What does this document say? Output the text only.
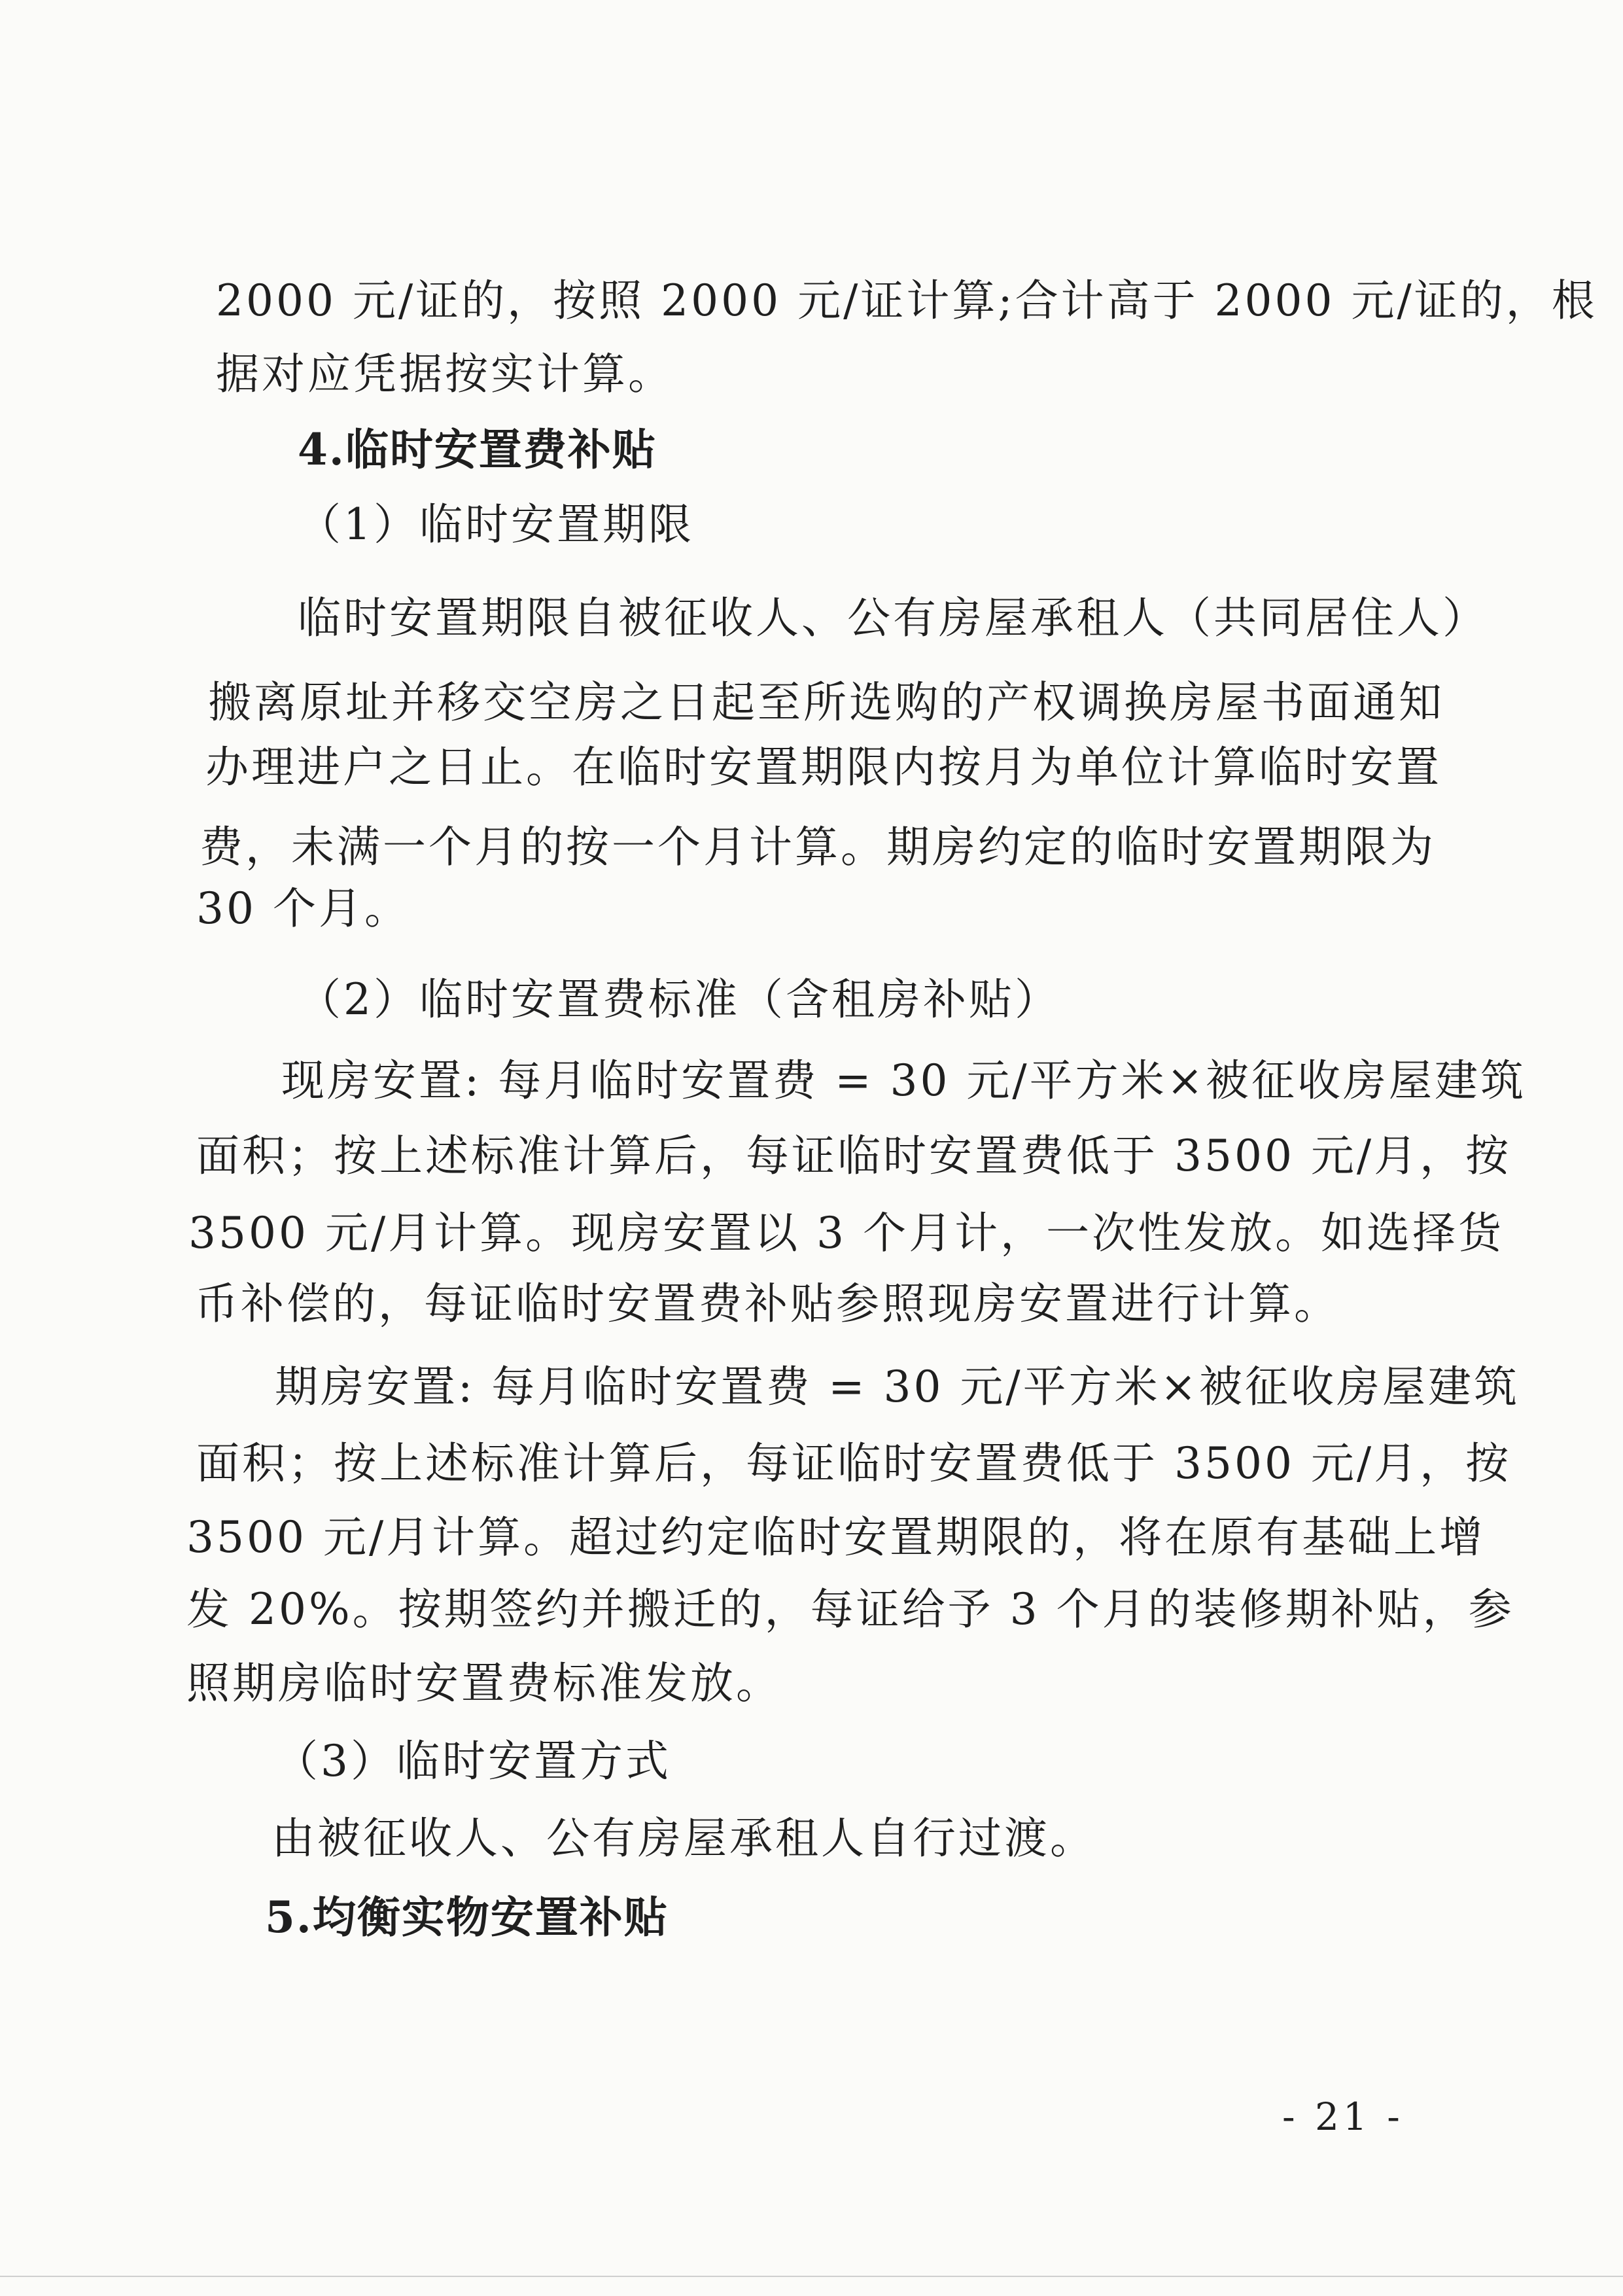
2000 元/证的，按照 2000 元/证计算;合计高于 2000 元/证的，根
据对应凭据按实计算。
4.临时安置费补贴
（1）临时安置期限
临时安置期限自被征收人、公有房屋承租人（共同居住人）
搬离原址并移交空房之日起至所选购的产权调换房屋书面通知
办理进户之日止。在临时安置期限内按月为单位计算临时安置
费，未满一个月的按一个月计算。期房约定的临时安置期限为
30 个月。
（2）临时安置费标准（含租房补贴）
现房安置: 每月临时安置费 = 30 元/平方米×被征收房屋建筑
面积；按上述标准计算后，每证临时安置费低于 3500 元/月，按
3500 元/月计算。现房安置以 3 个月计，一次性发放。如选择货
币补偿的，每证临时安置费补贴参照现房安置进行计算。
期房安置: 每月临时安置费 = 30 元/平方米×被征收房屋建筑
面积；按上述标准计算后，每证临时安置费低于 3500 元/月，按
3500 元/月计算。超过约定临时安置期限的，将在原有基础上增
发 20%。按期签约并搬迁的，每证给予 3 个月的装修期补贴，参
照期房临时安置费标准发放。
（3）临时安置方式
由被征收人、公有房屋承租人自行过渡。
5.均衡实物安置补贴
- 21 -
